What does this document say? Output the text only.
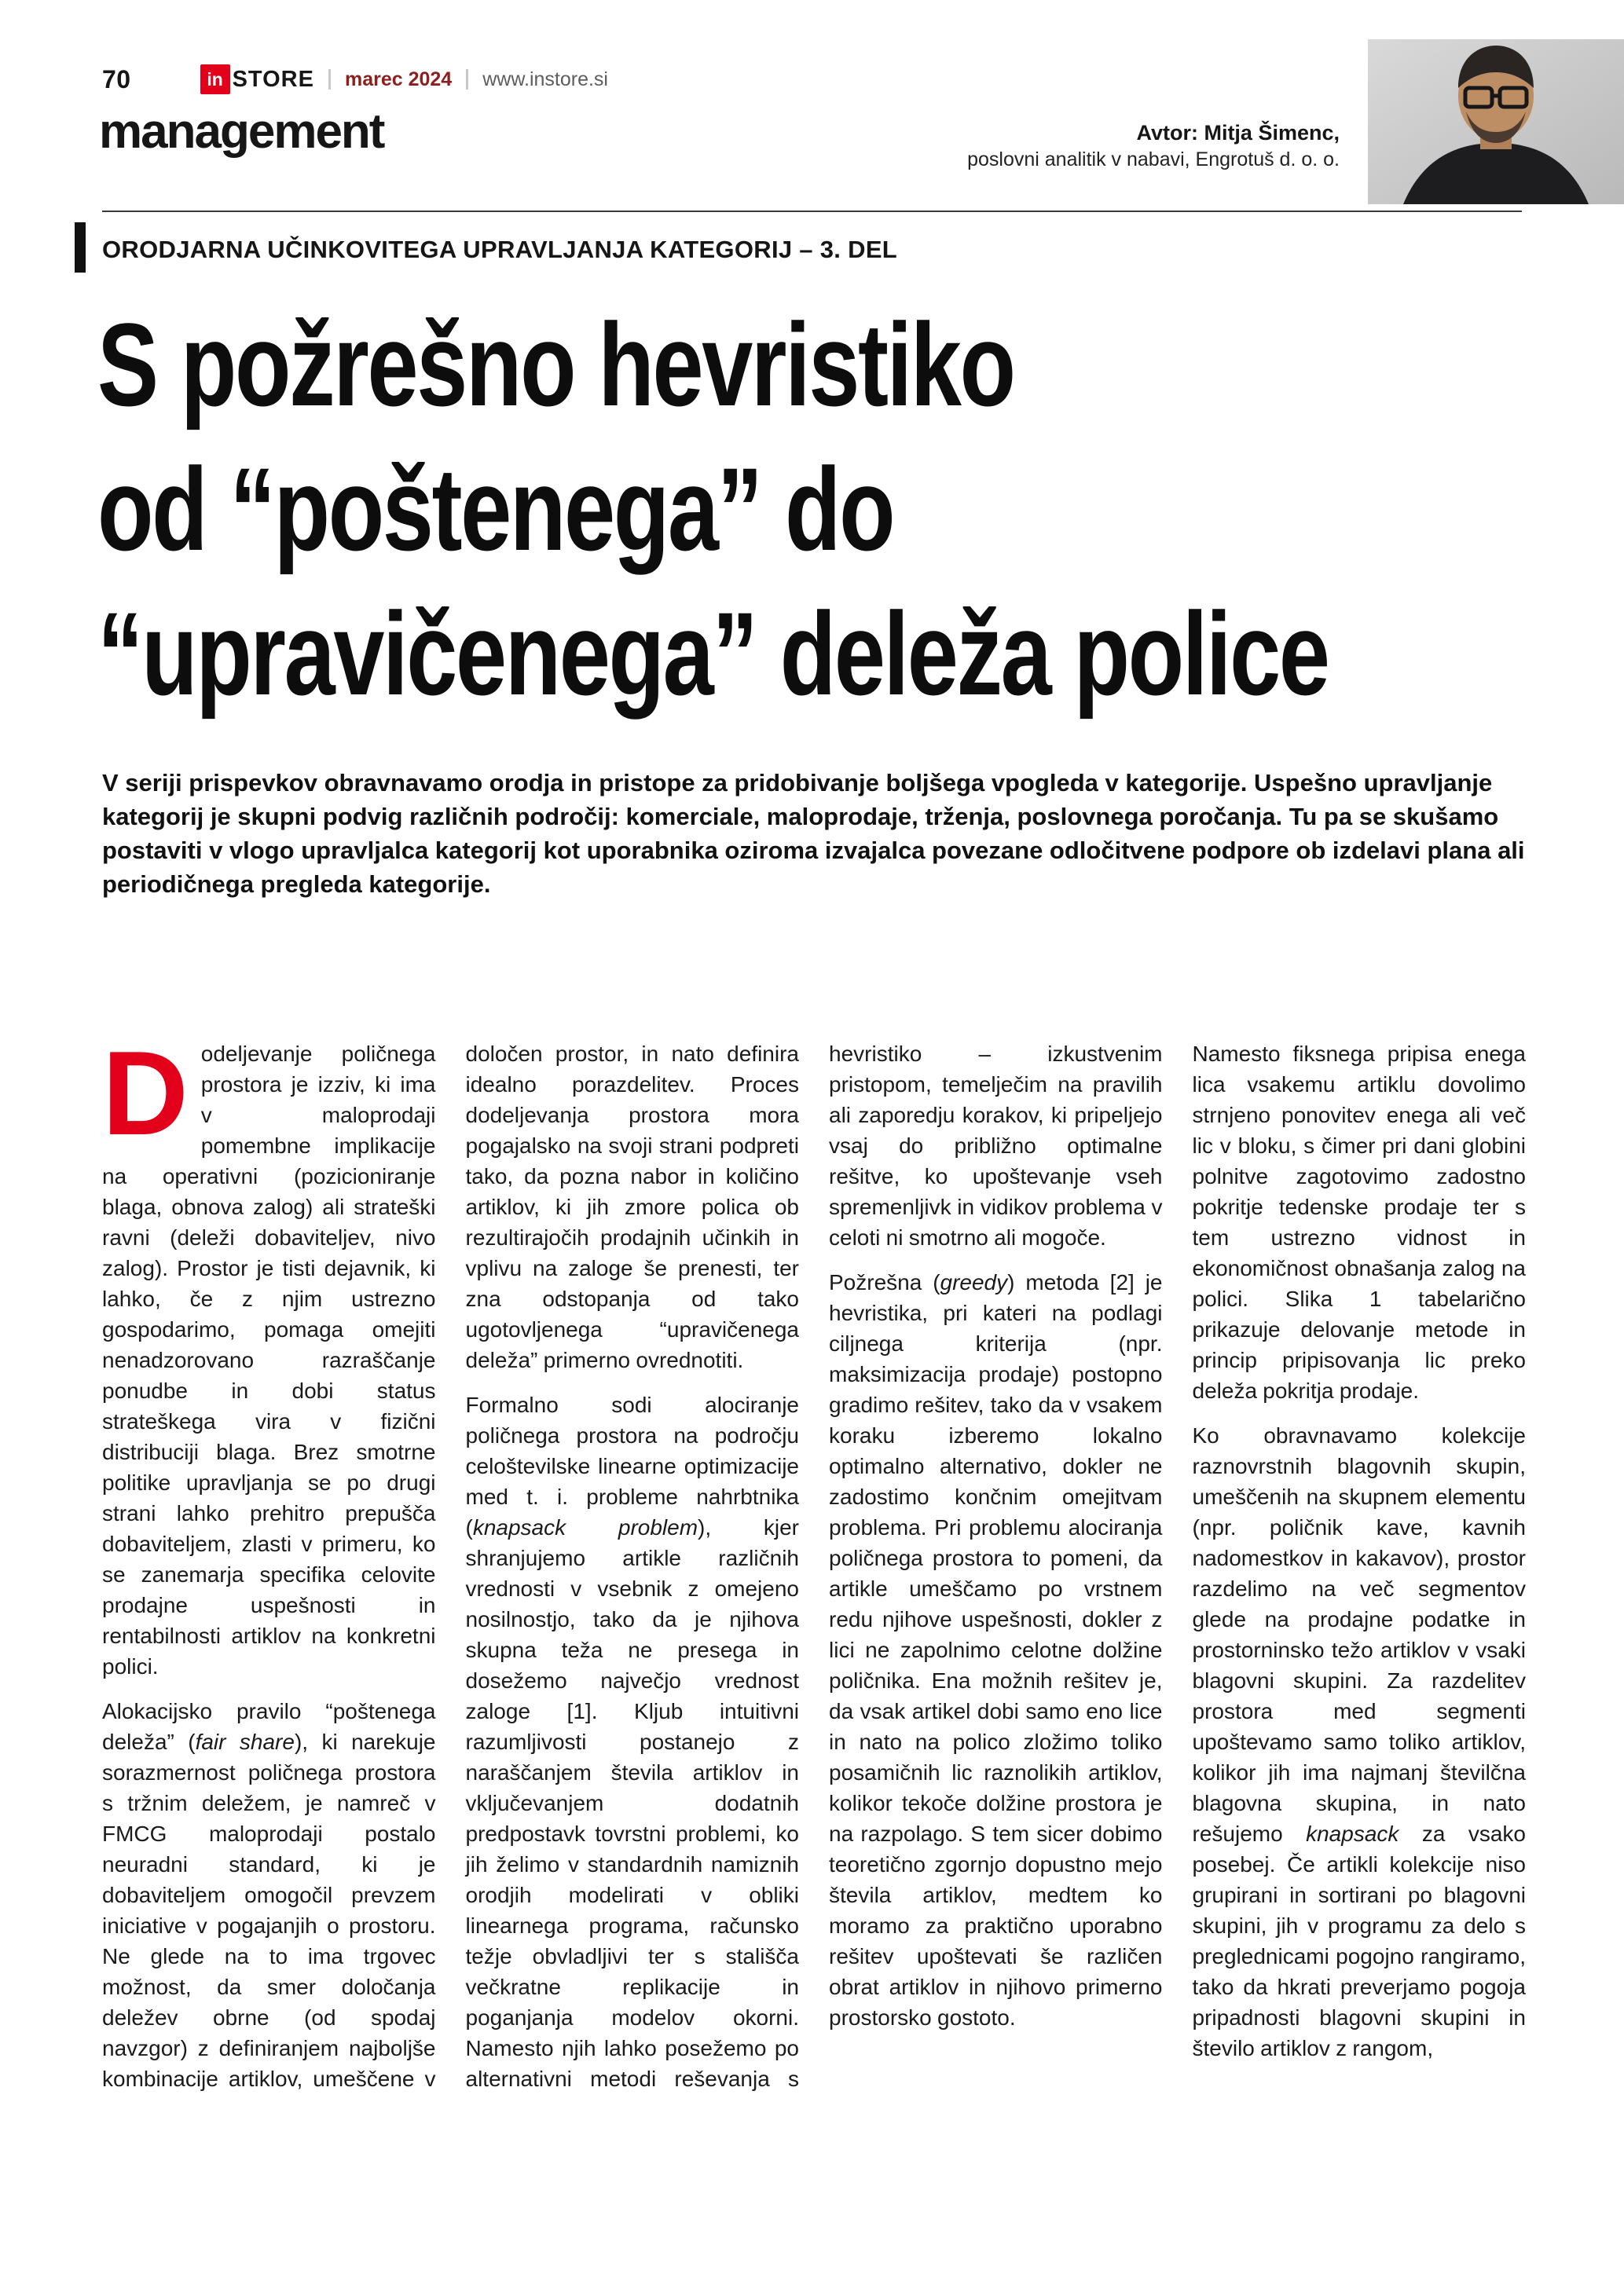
70	in STORE marec 2024 www.instore.si
management	Avtor: Mitja Šimenc,
poslovni analitik v nabavi, Engrotuš d. o. o.
ORODJARNA UČINKOVITEGA UPRAVLJANJA KATEGORIJ – 3. DEL
S požrešno hevristiko
od “poštenega” do
“upravičenega” deleža police
V seriji prispevkov obravnavamo orodja in pristope za pridobivanje boljšega vpogleda v kategorije. Uspešno upravljanje kategorij je skupni podvig različnih področij: komerciale, maloprodaje, trženja, poslovnega poročanja. Tu pa se skušamo postaviti v vlogo upravljalca kategorij kot uporabnika oziroma izvajalca povezane odločitvene podpore ob izdelavi plana ali periodičnega pregleda kategorije.

Dodeljevanje poličnega prostora je izziv, ki ima v maloprodaji pomembne implikacije na operativni (pozicioniranje blaga, obnova zalog) ali strateški ravni (deleži dobaviteljev, nivo zalog). Prostor je tisti dejavnik, ki lahko, če z njim ustrezno gospodarimo, pomaga omejiti nenadzorovano razraščanje ponudbe in dobi status strateškega vira v fizični distribuciji blaga. Brez smotrne politike upravljanja se po drugi strani lahko prehitro prepušča dobaviteljem, zlasti v primeru, ko se zanemarja specifika celovite prodajne uspešnosti in rentabilnosti artiklov na konkretni polici.

Alokacijsko pravilo “poštenega deleža” (fair share), ki narekuje sorazmernost poličnega prostora s tržnim deležem, je namreč v FMCG maloprodaji postalo neuradni standard, ki je dobaviteljem omogočil prevzem iniciative v pogajanjih o prostoru. Ne glede na to ima trgovec možnost, da smer določanja deležev obrne (od spodaj navzgor) z definiranjem najboljše kombinacije artiklov, umeščene v določen prostor, in nato definira idealno porazdelitev. Proces dodeljevanja prostora mora pogajalsko na svoji strani podpreti tako, da pozna nabor in količino artiklov, ki jih zmore polica ob rezultirajočih prodajnih učinkih in vplivu na zaloge še prenesti, ter zna odstopanja od tako ugotovljenega “upravičenega deleža” primerno ovrednotiti.

Formalno sodi alociranje poličnega prostora na področju celoštevilske linearne optimizacije med t. i. probleme nahrbtnika (knapsack problem), kjer shranjujemo artikle različnih vrednosti v vsebnik z omejeno nosilnostjo, tako da je njihova skupna teža ne presega in dosežemo največjo vrednost zaloge [1]. Kljub intuitivni razumljivosti postanejo z naraščanjem števila artiklov in vključevanjem dodatnih predpostavk tovrstni problemi, ko jih želimo v standardnih namiznih orodjih modelirati v obliki linearnega programa, računsko težje obvladljivi ter s stališča večkratne replikacije in poganjanja modelov okorni. Namesto njih lahko posežemo po alternativni metodi reševanja s hevristiko – izkustvenim pristopom, temelječim na pravilih ali zaporedju korakov, ki pripeljejo vsaj do približno optimalne rešitve, ko upoštevanje vseh spremenljivk in vidikov problema v celoti ni smotrno ali mogoče.

Požrešna (greedy) metoda [2] je hevristika, pri kateri na podlagi ciljnega kriterija (npr. maksimizacija prodaje) postopno gradimo rešitev, tako da v vsakem koraku izberemo lokalno optimalno alternativo, dokler ne zadostimo končnim omejitvam problema. Pri problemu alociranja poličnega prostora to pomeni, da artikle umeščamo po vrstnem redu njihove uspešnosti, dokler z lici ne zapolnimo celotne dolžine poličnika. Ena možnih rešitev je, da vsak artikel dobi samo eno lice in nato na polico zložimo toliko posamičnih lic raznolikih artiklov, kolikor tekoče dolžine prostora je na razpolago. S tem sicer dobimo teoretično zgornjo dopustno mejo števila artiklov, medtem ko moramo za praktično uporabno rešitev upoštevati še različen obrat artiklov in njihovo primerno prostorsko gostoto.

Namesto fiksnega pripisa enega lica vsakemu artiklu dovolimo strnjeno ponovitev enega ali več lic v bloku, s čimer pri dani globini polnitve zagotovimo zadostno pokritje tedenske prodaje ter s tem ustrezno vidnost in ekonomičnost obnašanja zalog na polici. Slika 1 tabelarično prikazuje delovanje metode in princip pripisovanja lic preko deleža pokritja prodaje.

Ko obravnavamo kolekcije raznovrstnih blagovnih skupin, umeščenih na skupnem elementu (npr. poličnik kave, kavnih nadomestkov in kakavov), prostor razdelimo na več segmentov glede na prodajne podatke in prostorninsko težo artiklov v vsaki blagovni skupini. Za razdelitev prostora med segmenti upoštevamo samo toliko artiklov, kolikor jih ima najmanj številčna blagovna skupina, in nato rešujemo knapsack za vsako posebej. Če artikli kolekcije niso grupirani in sortirani po blagovni skupini, jih v programu za delo s preglednicami pogojno rangiramo, tako da hkrati preverjamo pogoja pripadnosti blagovni skupini in število artiklov z rangom,
